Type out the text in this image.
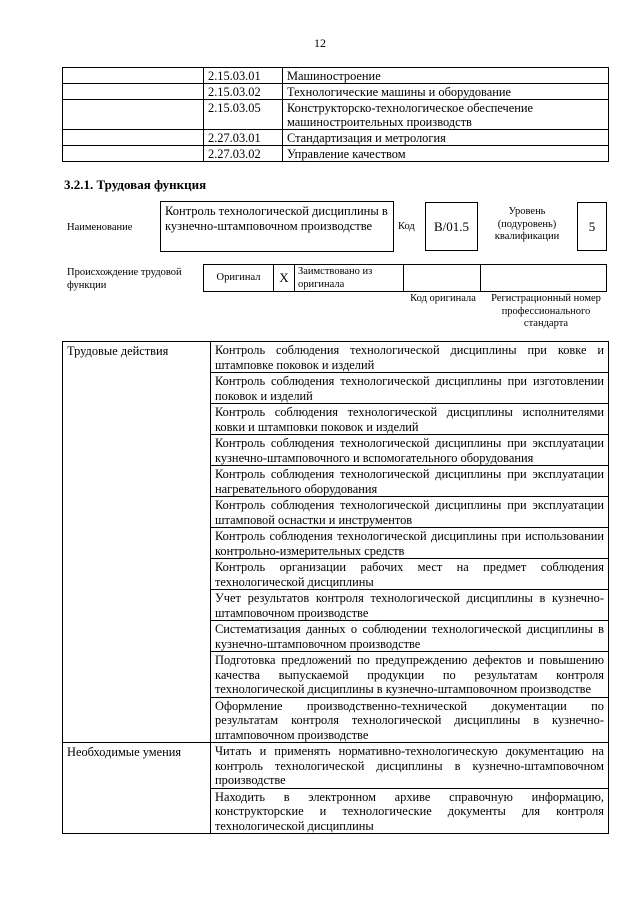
12
	2.15.03.01	Машиностроение
	2.15.03.02	Технологические машины и оборудование
	2.15.03.05	Конструкторско-технологическое обеспечение машиностроительных производств
	2.27.03.01	Стандартизация и метрология
	2.27.03.02	Управление качеством
3.2.1. Трудовая функция
Наименование
Контроль технологической дисциплины в кузнечно-штамповочном производстве	Код	B/01.5
Уровень (подуровень) квалификации
5
Происхождение трудовой функции
Оригинал	X Заимствовано из оригинала
Код оригинала	Регистрационный номер профессионального стандарта
Трудовые действия	Контроль соблюдения технологической дисциплины при ковке и штамповке поковок и изделий
	Контроль соблюдения технологической дисциплины при изготовлении поковок и изделий
	Контроль соблюдения технологической дисциплины исполнителями ковки и штамповки поковок и изделий
	Контроль соблюдения технологической дисциплины при эксплуатации кузнечно-штамповочного и вспомогательного оборудования
	Контроль соблюдения технологической дисциплины при эксплуатации нагревательного оборудования
	Контроль соблюдения технологической дисциплины при эксплуатации штамповой оснастки и инструментов
	Контроль соблюдения технологической дисциплины при использовании контрольно-измерительных средств
	Контроль организации рабочих мест на предмет соблюдения технологической дисциплины
	Учет результатов контроля технологической дисциплины в кузнечно-штамповочном производстве
	Систематизация данных о соблюдении технологической дисциплины в кузнечно-штамповочном производстве
	Подготовка предложений по предупреждению дефектов и повышению качества выпускаемой продукции по результатам контроля технологической дисциплины в кузнечно-штамповочном производстве
	Оформление производственно-технической документации по результатам контроля технологической дисциплины в кузнечно-штамповочном производстве
Необходимые умения	Читать и применять нормативно-технологическую документацию на контроль технологической дисциплины в кузнечно-штамповочном производстве
	Находить в электронном архиве справочную информацию, конструкторские и технологические документы для контроля технологической дисциплины
